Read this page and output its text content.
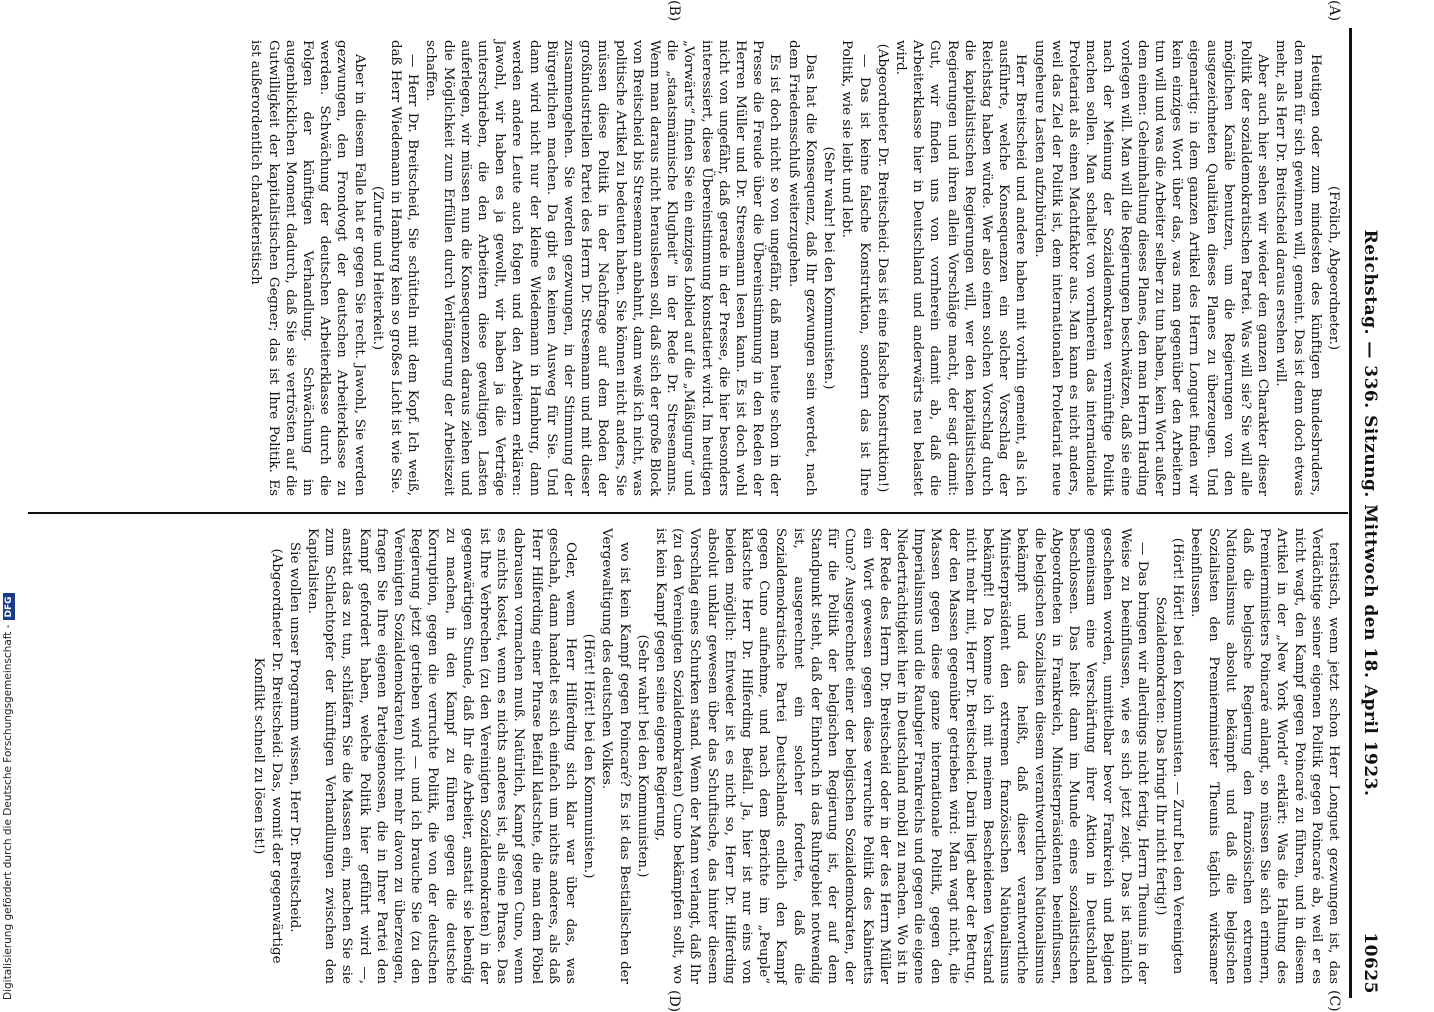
Reichstag. — 336. Sitzung. Mittwoch den 18. April 1923.
10625
(A)
(B)
(C)
(D)

(Frölich, Abgeordneter.)

Heutigen oder zum mindesten des künftigen Bundesbruders, den man für sich gewinnen will, gemeint. Das ist denn doch etwas mehr, als Herr Dr. Breitscheid daraus ersehen will.

Aber auch hier sehen wir wieder den ganzen Charakter dieser Politik der sozialdemokratischen Partei. Was will sie? Sie will alle möglichen Kanäle benutzen, um die Regierungen von den ausgezeichneten Qualitäten dieses Planes zu überzeugen. Und eigenartig: in dem ganzen Artikel des Herrn Longuet finden wir kein einziges Wort über das, was man gegenüber den Arbeitern tun will und was die Arbeiter selber zu tun haben, kein Wort außer dem einen: Geheimhaltung dieses Planes, den man Herrn Harding vorlegen will. Man will die Regierungen beschwätzen, daß sie eine nach der Meinung der Sozialdemokraten vernünftige Politik machen sollen. Man schaltet von vornherein das internationale Proletariat als einen Machtfaktor aus. Man kann es nicht anders, weil das Ziel der Politik ist, dem internationalen Proletariat neue ungeheure Lasten aufzubürden.

Herr Breitscheid und andere haben mit vorhin gemeint, als ich ausführte, welche Konsequenzen ein solcher Vorschlag der Reichstag haben würde. Wer also einen solchen Vorschlag durch die kapitalistischen Regierungen will, wer den kapitalistischen Regierungen und ihren allein Vorschläge macht, der sagt damit: Gut, wir finden uns von vornherein damit ab, daß die Arbeiterklasse hier in Deutschland und anderwärts neu belastet wird.

(Abgeordneter Dr. Breitscheid: Das ist eine falsche Konstruktion!)

— Das ist keine falsche Konstruktion, sondern das ist Ihre Politik, wie sie leibt und lebt.

(Sehr wahr! bei den Kommunisten.)

Das hat die Konsequenz, daß Ihr gezwungen sein werdet, nach dem Friedensschluß weiterzugehen.

Es ist doch nicht so von ungefähr, daß man heute schon in der Presse die Freude über die Übereinstimmung in den Reden der Herren Müller und Dr. Stresemann lesen kann. Es ist doch wohl nicht von ungefähr, daß gerade in der Presse, die hier besonders interessiert, diese Übereinstimmung konstatiert wird. Im heutigen „Vorwärts“ finden Sie ein einziges Loblied auf die „Mäßigung“ und die „staatsmännische Klugheit“ in der Rede Dr. Stresemanns. Wenn man daraus nicht herauslesen soll, daß sich der große Block von Breitscheid bis Stresemann anbahnt, dann weiß ich nicht, was politische Artikel zu bedeuten haben. Sie können nicht anders, Sie müssen diese Politik in der Nachfrage auf dem Boden der großindustriellen Partei des Herrn Dr. Stresemann und mit dieser zusammengehen. Sie werden gezwungen, in der Stimmung der Bürgerlichen machen. Da gibt es keinen Ausweg für Sie. Und dann wird nicht nur der kleine Wiedemann in Hamburg, dann werden andere Leute auch folgen und den Arbeitern erklären: Jawohl, wir haben es ja gewollt, wir haben ja die Verträge unterschrieben, die den Arbeitern diese gewaltigen Lasten auferlegen, wir müssen nun die Konsequenzen daraus ziehen und die Möglichkeit zum Erfüllen durch Verlängerung der Arbeitszeit schaffen.

— Herr Dr. Breitscheid, Sie schütteln mit dem Kopf. Ich weiß, daß Herr Wiedemann in Hamburg kein so großes Licht ist wie Sie.

(Zurufe und Heiterkeit.)

Aber in diesem Falle hat er gegen Sie recht. Jawohl, Sie werden gezwungen, den Frondvogt der deutschen Arbeiterklasse zu werden. Schwächung der deutschen Arbeiterklasse durch die Folgen der künftigen Verhandlung. Schwächung im augenblicklichen Moment dadurch, daß Sie sie vertrösten auf die Gutwilligkeit der kapitalistischen Gegner; das ist Ihre Politik. Es ist außerordentlich charakteristisch

teristisch, wenn jetzt schon Herr Longuet gezwungen ist, das Verdächtige seiner eigenen Politik gegen Poincaré ab, weil er es nicht wagt, den Kampf gegen Poincaré zu führen, und in diesem Artikel in der „New York World“ erklärt: Was die Haltung des Premierministers Poincaré anlangt, so müssen Sie sich erinnern, daß die belgische Regierung den französischen extremen Nationalismus absolut bekämpft und daß die belgischen Sozialisten den Premierminister Theunis täglich wirksamer beeinflussen.

(Hört! Hört! bei den Kommunisten. — Zuruf bei den Vereinigten Sozialdemokraten: Das bringt Ihr nicht fertig!)

— Das bringen wir allerdings nicht fertig, Herrn Theunis in der Weise zu beeinflussen, wie es sich jetzt zeigt. Das ist nämlich geschehen worden, unmittelbar bevor Frankreich und Belgien gemeinsam eine Verschärfung ihrer Aktion in Deutschland beschlossen. Das heißt dann im Munde eines sozialistischen Abgeordneten in Frankreich, Ministerpräsidenten beeinflussen, die belgischen Sozialisten diesem verantwortlichen Nationalismus bekämpft und das heißt, daß dieser verantwortliche Ministerpräsident den extremen französischen Nationalismus bekämpft! Da komme ich mit meinem Bescheidenen Verstand nicht mehr mit, Herr Dr. Breitscheid. Darin liegt aber der Betrug, der den Massen gegenüber getrieben wird: Man wagt nicht, die Massen gegen diese ganze internationale Politik, gegen den Imperialismus und die Raubgier Frankreichs und gegen die eigene Niederträchtigkeit hier in Deutschland mobil zu machen. Wo ist in der Rede des Herrn Dr. Breitscheid oder in der des Herrn Müller ein Wort gewesen gegen diese verruchte Politik des Kabinetts Cuno? Ausgerechnet einer der belgischen Sozialdemokraten, der für die Politik der belgischen Regierung ist, der auf dem Standpunkt steht, daß der Einbruch in das Ruhrgebiet notwendig ist, ausgerechnet ein solcher forderte, daß die Sozialdemokratische Partei Deutschlands endlich den Kampf gegen Cuno aufnehme, und nach dem Berichte im „Peuple“ klatschte Herr Dr. Hilferding Beifall. Ja, hier ist nur eins von beiden möglich: Entweder ist es nicht so, Herr Dr. Hilferding absolut unklar gewesen über das Schuftische, das hinter diesem Vorschlag eines Schurken stand. Wenn der Mann verlangt, daß Ihr (zu den Vereinigten Sozialdemokraten) Cuno bekämpfen sollt, wo ist kein Kampf gegen seine eigene Regierung,

(Sehr wahr! bei den Kommunisten.)

wo ist kein Kampf gegen Poincaré? Es ist das Bestialischen der Vergewaltigung des deutschen Volkes.

(Hört! Hört! bei den Kommunisten.)

Oder, wenn Herr Hilferding sich klar war über das, was geschah, dann handelt es sich einfach um nichts anderes, als daß Herr Hilferding einer Phrase Beifall klatschte, die man dem Pöbel dabrausen vormachen muß. Natürlich, Kampf gegen Cuno, wenn es nichts kostet, wenn es nichts anderes ist, als eine Phrase. Das ist Ihre Verbrechen (zu den Vereinigten Sozialdemokraten) in der gegenwärtigen Stunde, daß Ihr die Arbeiter, anstatt sie lebendig zu machen, in den Kampf zu führen gegen die deutsche Korruption, gegen die verruchte Politik, die von der deutschen Regierung jetzt getrieben wird — und ich brauche Sie (zu den Vereinigten Sozialdemokraten) nicht mehr davon zu überzeugen, fragen Sie Ihre eigenen Parteigenossen, die in Ihrer Partei den Kampf gefordert haben, welche Politik hier geführt wird —, anstatt das zu tun, schläfern Sie die Massen ein, machen Sie sie zum Schlachtopfer der künftigen Verhandlungen zwischen den Kapitalisten.

Sie wollen unser Programm wissen, Herr Dr. Breitscheid.

(Abgeordneter Dr. Breitscheid: Das, womit der gegenwärtige Konflikt schnell zu lösen ist!)

Digitalisierung gefördert durch die Deutsche Forschungsgemeinschaft -DFG
